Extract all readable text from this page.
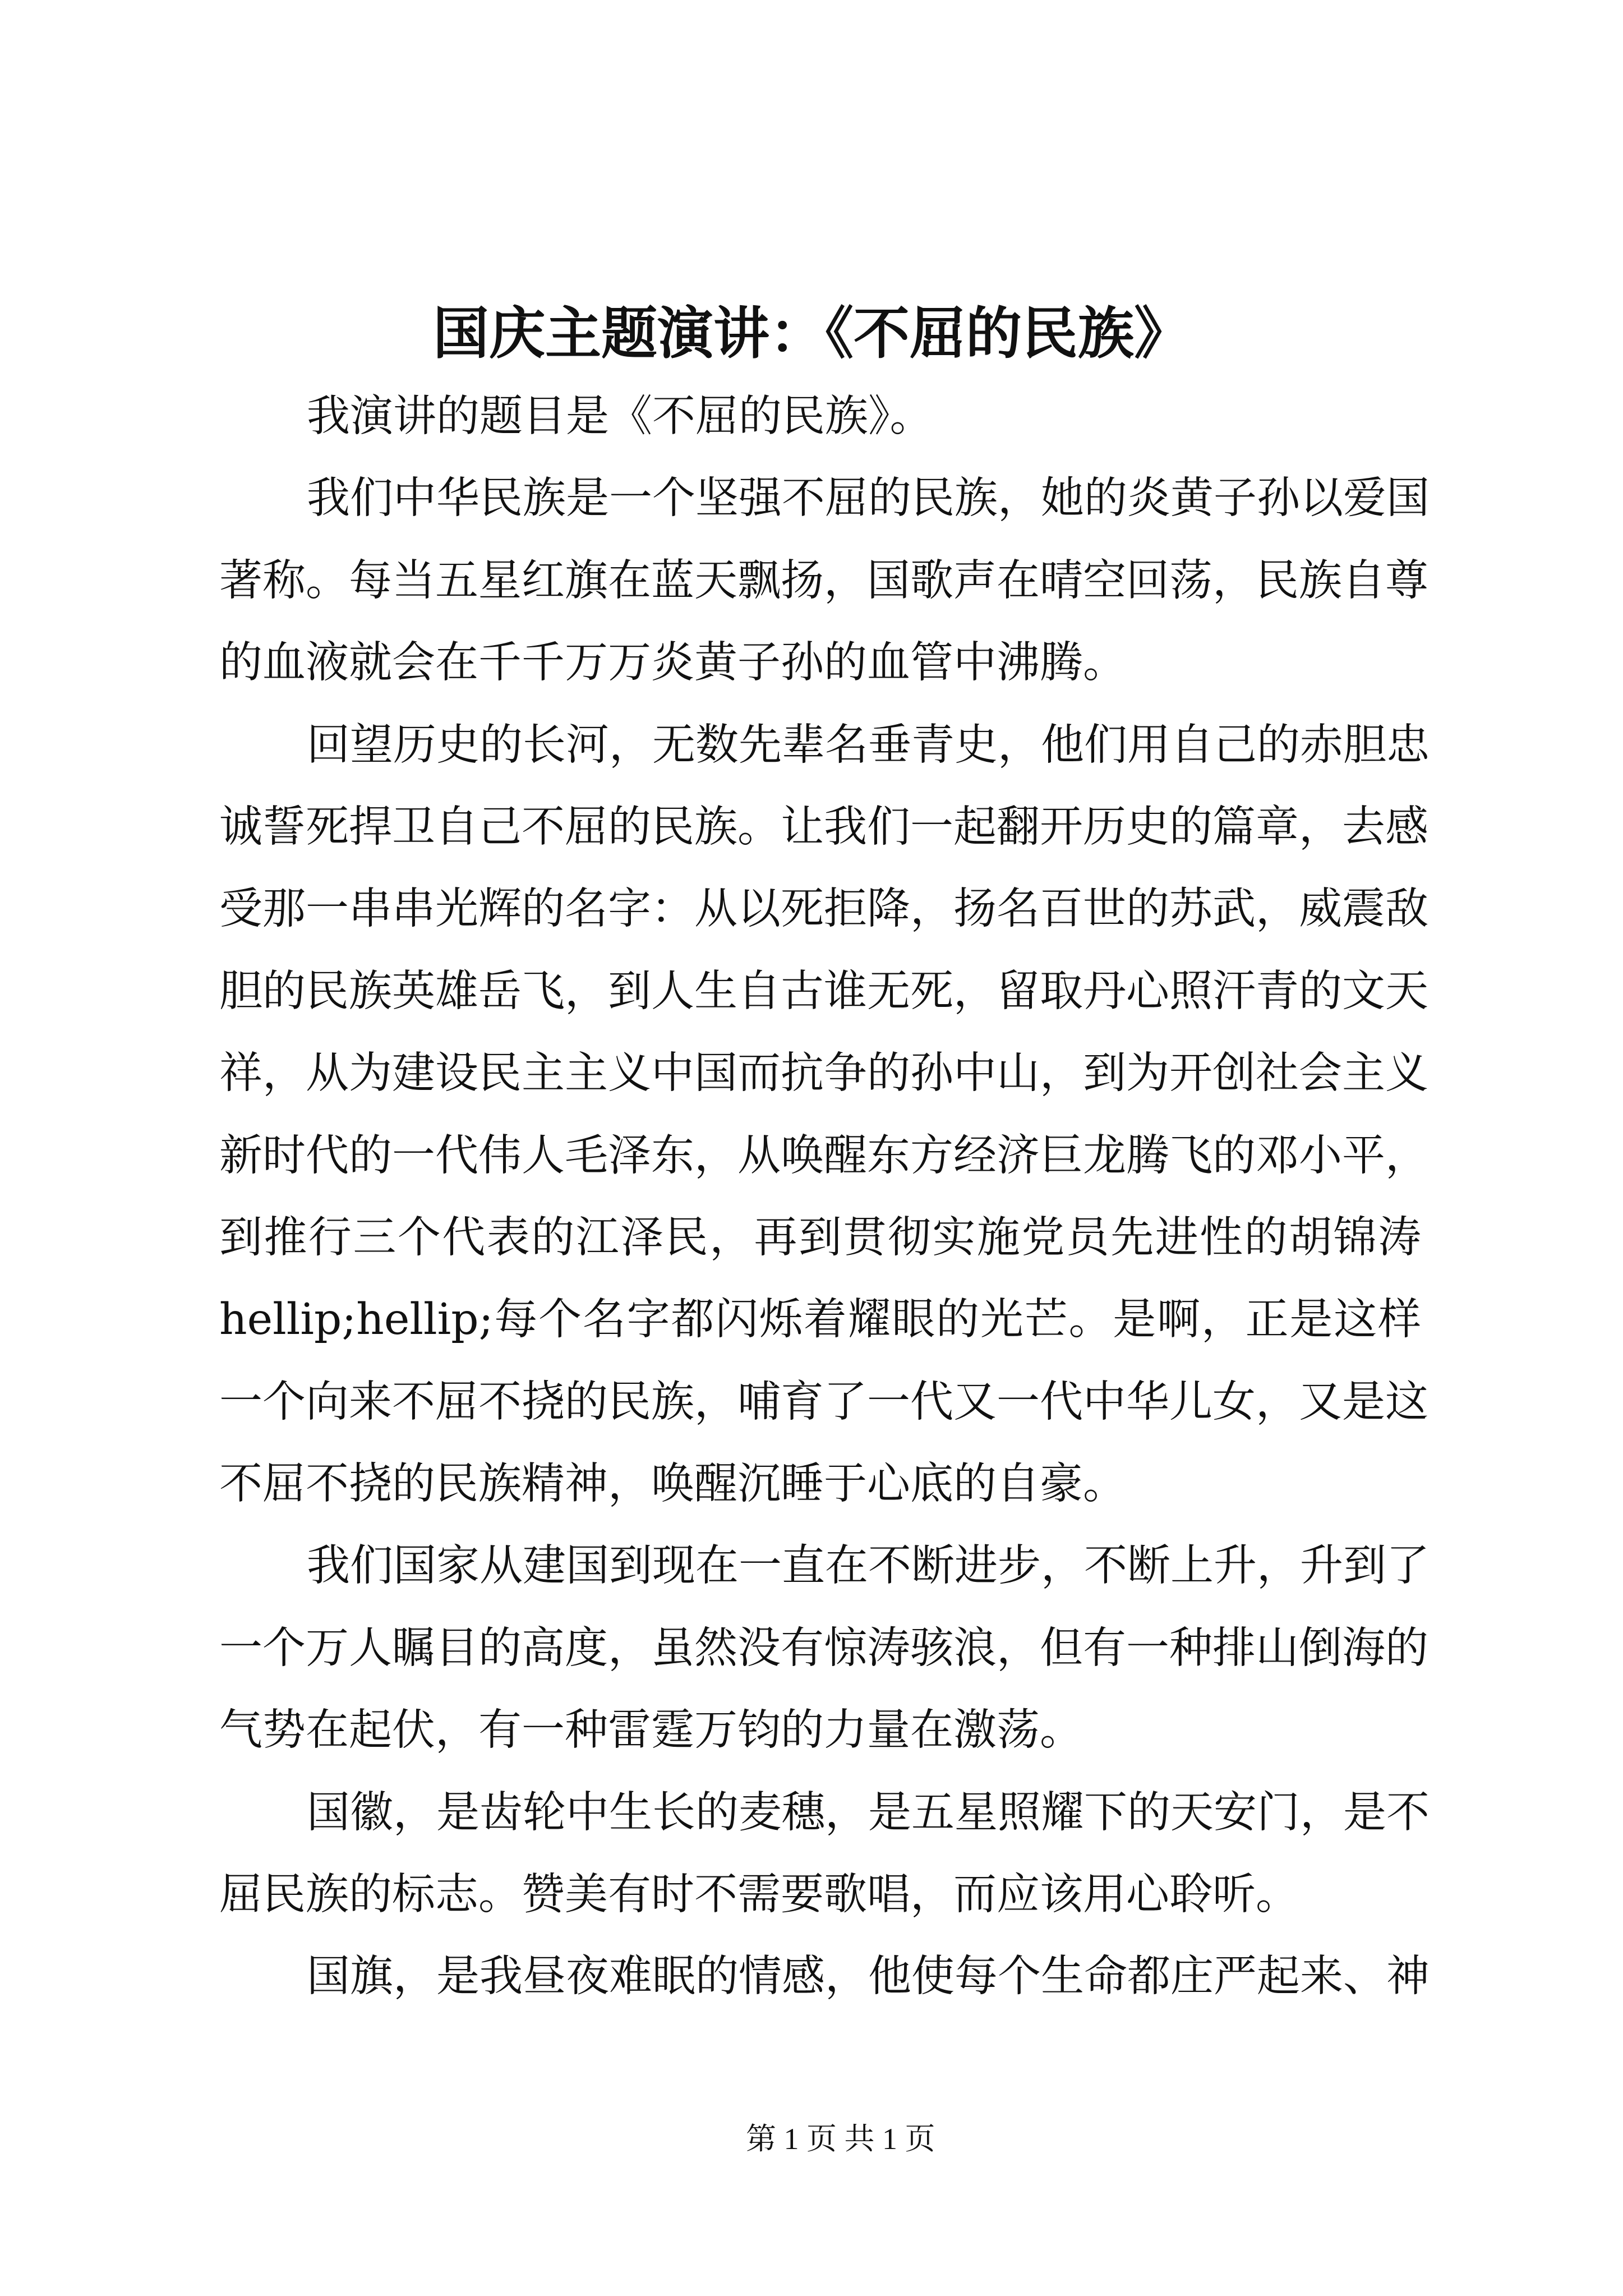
国庆主题演讲：《不屈的民族》
我演讲的题目是《不屈的民族》。
我们中华民族是一个坚强不屈的民族，她的炎黄子孙以爱国
著称。每当五星红旗在蓝天飘扬，国歌声在晴空回荡，民族自尊
的血液就会在千千万万炎黄子孙的血管中沸腾。
回望历史的长河，无数先辈名垂青史，他们用自己的赤胆忠
诚誓死捍卫自己不屈的民族。让我们一起翻开历史的篇章，去感
受那一串串光辉的名字：从以死拒降，扬名百世的苏武，威震敌
胆的民族英雄岳飞，到人生自古谁无死，留取丹心照汗青的文天
祥，从为建设民主主义中国而抗争的孙中山，到为开创社会主义
新时代的一代伟人毛泽东，从唤醒东方经济巨龙腾飞的邓小平，
到推行三个代表的江泽民，再到贯彻实施党员先进性的胡锦涛
hellip;hellip;每个名字都闪烁着耀眼的光芒。是啊，正是这样
一个向来不屈不挠的民族，哺育了一代又一代中华儿女，又是这
不屈不挠的民族精神，唤醒沉睡于心底的自豪。
我们国家从建国到现在一直在不断进步，不断上升，升到了
一个万人瞩目的高度，虽然没有惊涛骇浪，但有一种排山倒海的
气势在起伏，有一种雷霆万钧的力量在激荡。
国徽，是齿轮中生长的麦穗，是五星照耀下的天安门，是不
屈民族的标志。赞美有时不需要歌唱，而应该用心聆听。
国旗，是我昼夜难眠的情感，他使每个生命都庄严起来、神
第 1 页 共 1 页
